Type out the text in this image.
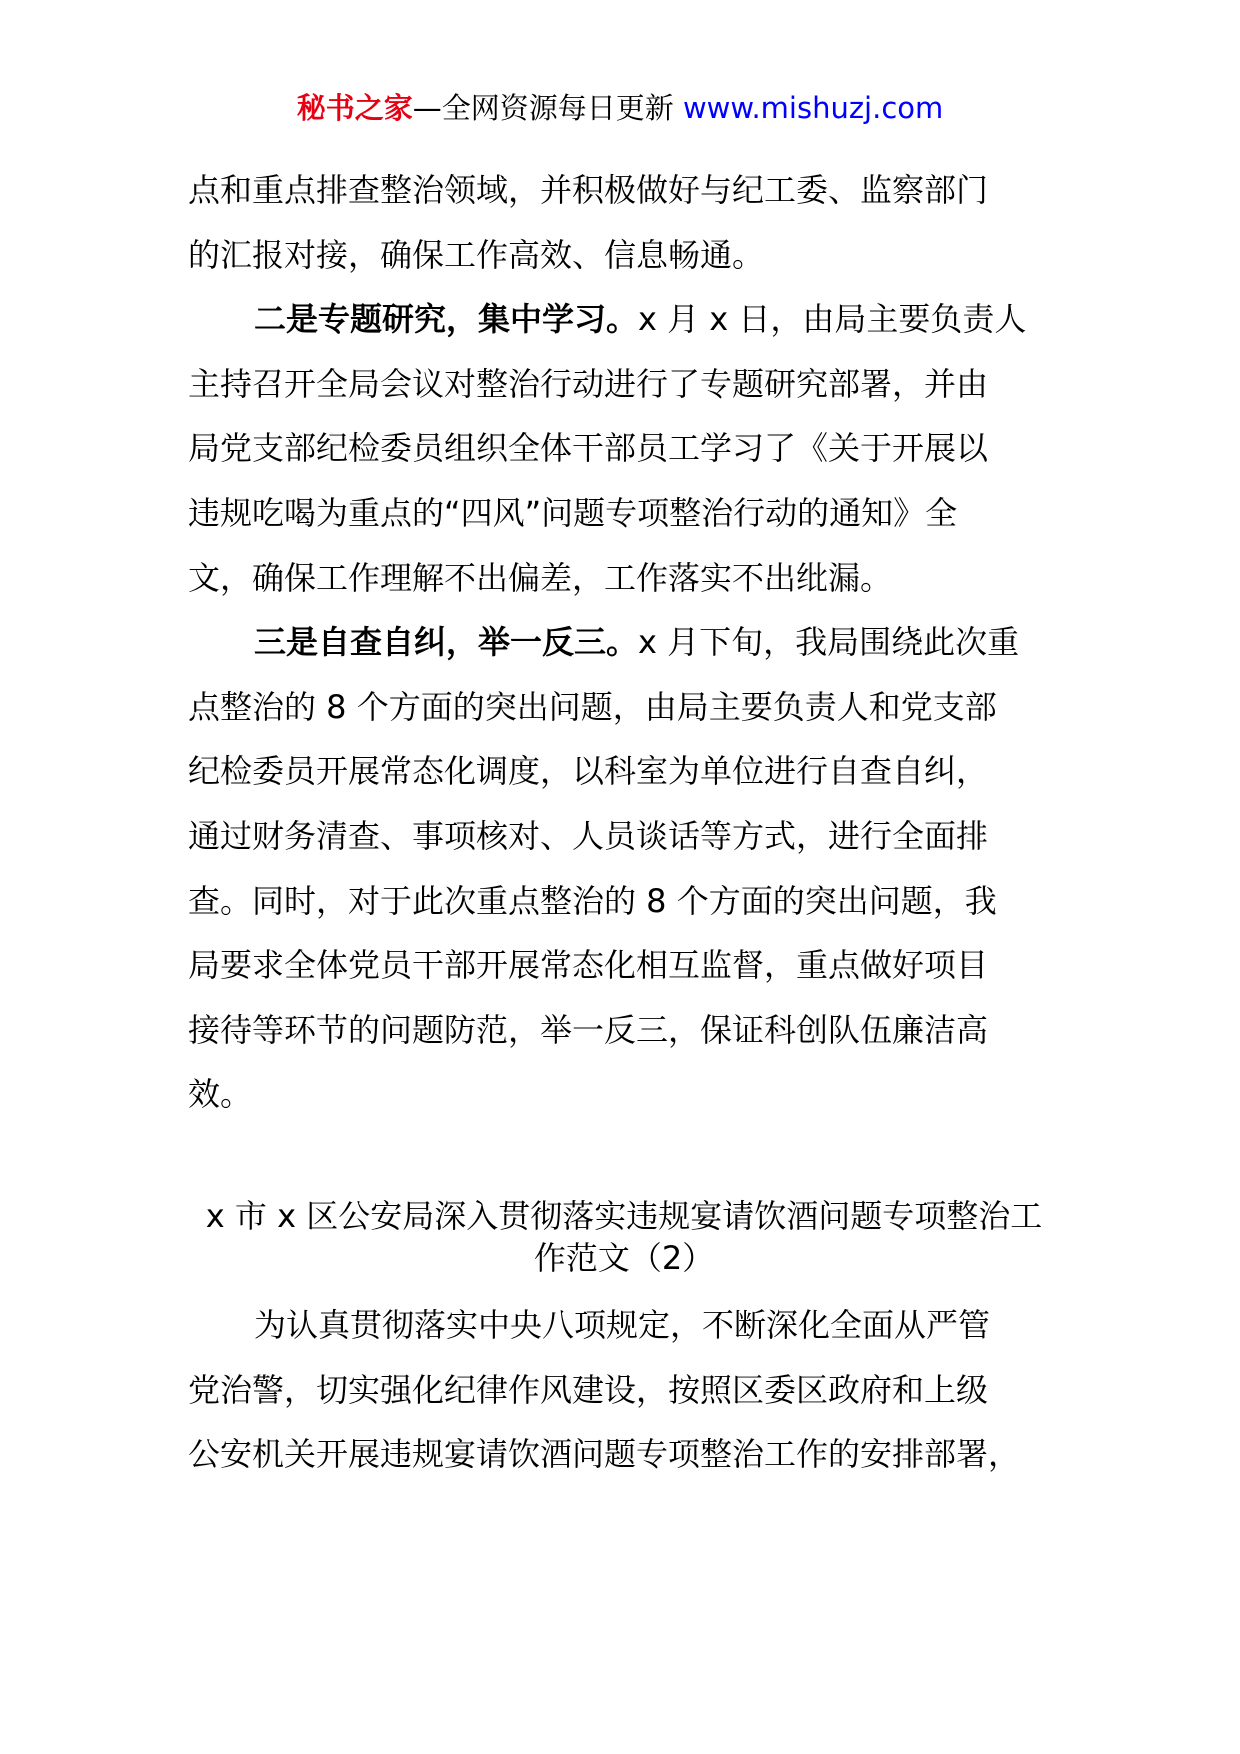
秘书之家—全网资源每日更新 www.mishuzj.com
点和重点排查整治领域，并积极做好与纪工委、监察部门
的汇报对接，确保工作高效、信息畅通。
二是专题研究，集中学习。x 月 x 日，由局主要负责人
主持召开全局会议对整治行动进行了专题研究部署，并由
局党支部纪检委员组织全体干部员工学习了《关于开展以
违规吃喝为重点的“四风”问题专项整治行动的通知》全
文，确保工作理解不出偏差，工作落实不出纰漏。
三是自查自纠，举一反三。x 月下旬，我局围绕此次重
点整治的 8 个方面的突出问题，由局主要负责人和党支部
纪检委员开展常态化调度，以科室为单位进行自查自纠，
通过财务清查、事项核对、人员谈话等方式，进行全面排
查。同时，对于此次重点整治的 8 个方面的突出问题，我
局要求全体党员干部开展常态化相互监督，重点做好项目
接待等环节的问题防范，举一反三，保证科创队伍廉洁高
效。
x 市 x 区公安局深入贯彻落实违规宴请饮酒问题专项整治工
作范文（2）
为认真贯彻落实中央八项规定，不断深化全面从严管
党治警，切实强化纪律作风建设，按照区委区政府和上级
公安机关开展违规宴请饮酒问题专项整治工作的安排部署，
